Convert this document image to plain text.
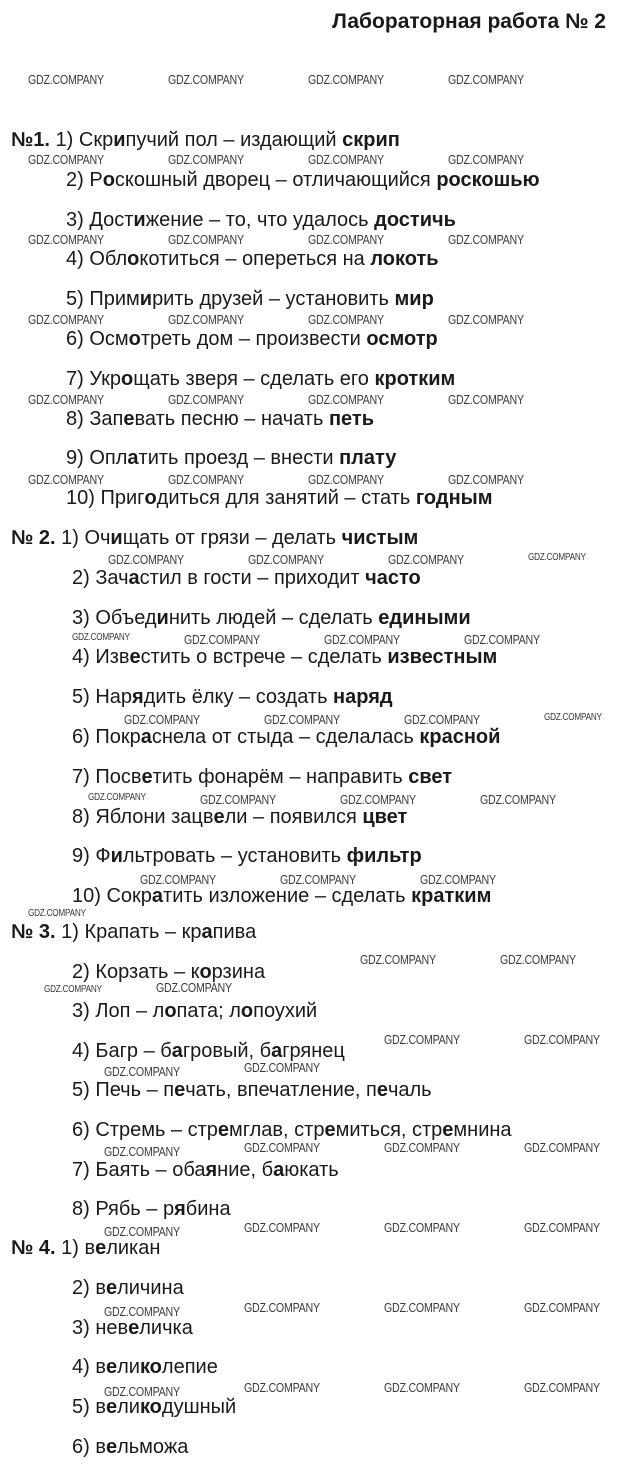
Лабораторная работа № 2
№1. 1) Скрипучий пол – издающий скрип
2) Роскошный дворец – отличающийся роскошью
3) Достижение – то, что удалось достичь
4) Облокотиться – опереться на локоть
5) Примирить друзей – установить мир
6) Осмотреть дом – произвести осмотр
7) Укрощать зверя – сделать его кротким
8) Запевать песню – начать петь
9) Оплатить проезд – внести плату
10) Пригодиться для занятий – стать годным
№ 2. 1) Очищать от грязи – делать чистым
2) Зачастил в гости – приходит часто
3) Объединить людей – сделать едиными
4) Известить о встрече – сделать известным
5) Нарядить ёлку – создать наряд
6) Покраснела от стыда – сделалась красной
7) Посветить фонарём – направить свет
8) Яблони зацвели – появился цвет
9) Фильтровать – установить фильтр
10) Сократить изложение – сделать кратким
№ 3. 1) Крапать – крапива
2) Корзать – корзина
3) Лоп – лопата; лопоухий
4) Багр – багровый, багрянец
5) Печь – печать, впечатление, печаль
6) Стремь – стремглав, стремиться, стремнина
7) Баять – обаяние, баюкать
8) Рябь – рябина
№ 4. 1) великан
2) величина
3) невеличка
4) великолепие
5) великодушный
6) вельможа
GDZ.COMPANY	GDZ.COMPANY	GDZ.COMPANY	GDZ.COMPANY
GDZ.COMPANY	GDZ.COMPANY	GDZ.COMPANY	GDZ.COMPANY
GDZ.COMPANY	GDZ.COMPANY	GDZ.COMPANY	GDZ.COMPANY
GDZ.COMPANY	GDZ.COMPANY	GDZ.COMPANY	GDZ.COMPANY
GDZ.COMPANY	GDZ.COMPANY	GDZ.COMPANY	GDZ.COMPANY
GDZ.COMPANY	GDZ.COMPANY	GDZ.COMPANY	GDZ.COMPANY
GDZ.COMPANY	GDZ.COMPANY	GDZ.COMPANY	GDZ.COMPANY
GDZ.COMPANY	GDZ.COMPANY	GDZ.COMPANY	GDZ.COMPANY
GDZ.COMPANY	GDZ.COMPANY	GDZ.COMPANY	GDZ.COMPANY
GDZ.COMPANY	GDZ.COMPANY	GDZ.COMPANY	GDZ.COMPANY
GDZ.COMPANY	GDZ.COMPANY	GDZ.COMPANY
GDZ.COMPANY
GDZ.COMPANY	GDZ.COMPANY
GDZ.COMPANY	GDZ.COMPANY
GDZ.COMPANY	GDZ.COMPANY
GDZ.COMPANY	GDZ.COMPANY
GDZ.COMPANY	GDZ.COMPANY	GDZ.COMPANY	GDZ.COMPANY
GDZ.COMPANY	GDZ.COMPANY	GDZ.COMPANY	GDZ.COMPANY
GDZ.COMPANY	GDZ.COMPANY	GDZ.COMPANY	GDZ.COMPANY
GDZ.COMPANY	GDZ.COMPANY	GDZ.COMPANY	GDZ.COMPANY
